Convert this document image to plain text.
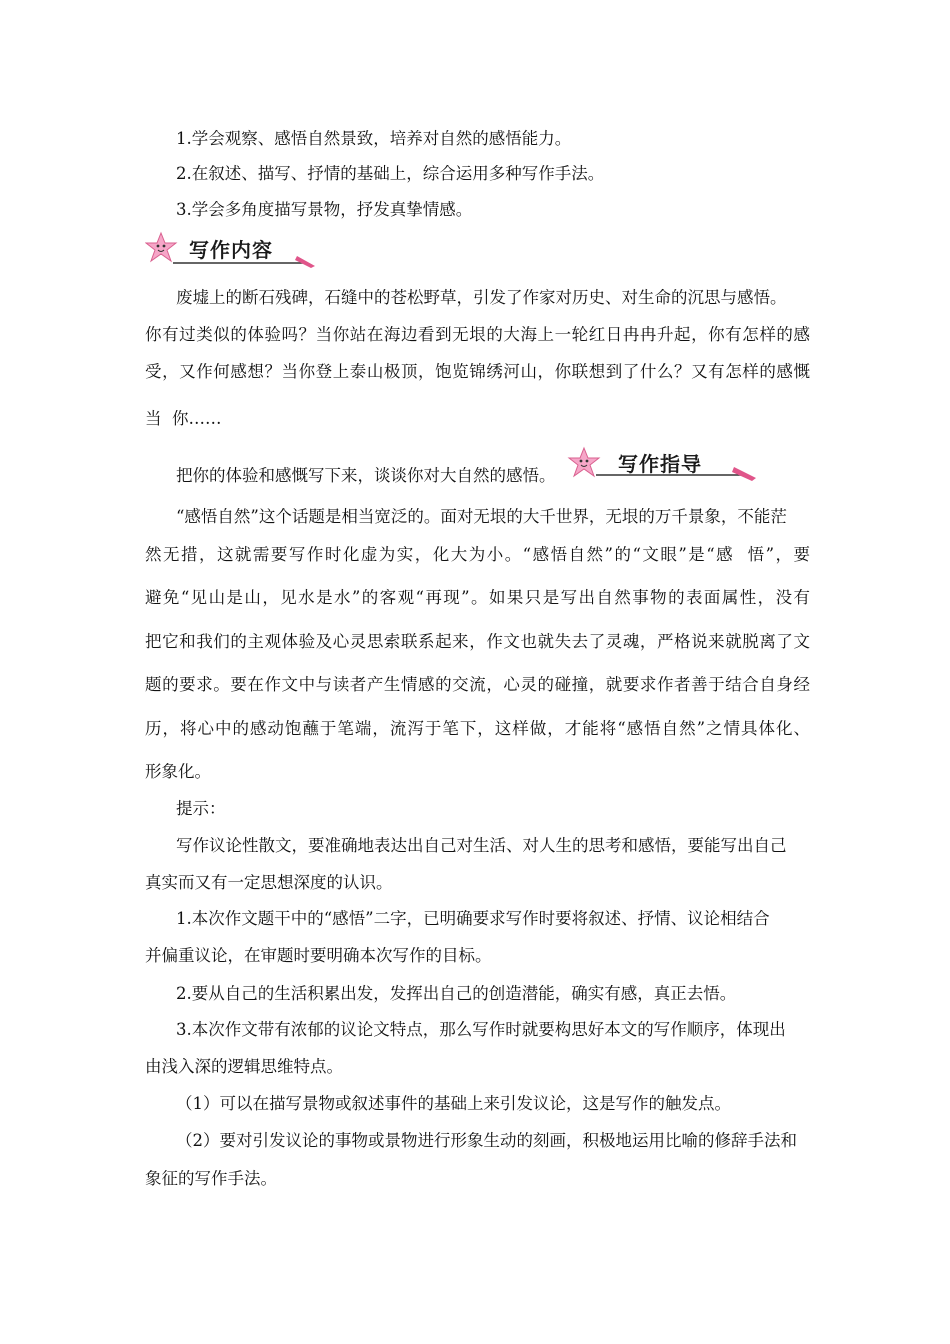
1.学会观察、感悟自然景致，培养对自然的感悟能力。
2.在叙述、描写、抒情的基础上，综合运用多种写作手法。
3.学会多角度描写景物，抒发真挚情感。
写作内容
废墟上的断石残碑，石缝中的苍松野草，引发了作家对历史、对生命的沉思与感悟。
你有过类似的体验吗？当你站在海边看到无垠的大海上一轮红日冉冉升起，你有怎样的感
受，又作何感想？当你登上泰山极顶，饱览锦绣河山，你联想到了什么？又有怎样的感慨
当  你……
把你的体验和感慨写下来，谈谈你对大自然的感悟。	写作指导
“感悟自然”这个话题是相当宽泛的。面对无垠的大千世界，无垠的万千景象，不能茫
然无措，这就需要写作时化虚为实，化大为小。“感悟自然”的“文眼”是“感  悟”，要
避免“见山是山，见水是水”的客观“再现”。如果只是写出自然事物的表面属性，没有
把它和我们的主观体验及心灵思索联系起来，作文也就失去了灵魂，严格说来就脱离了文
题的要求。要在作文中与读者产生情感的交流，心灵的碰撞，就要求作者善于结合自身经
历，将心中的感动饱蘸于笔端，流泻于笔下，这样做，才能将“感悟自然”之情具体化、
形象化。
提示：
写作议论性散文，要准确地表达出自己对生活、对人生的思考和感悟，要能写出自己
真实而又有一定思想深度的认识。
1.本次作文题干中的“感悟”二字，已明确要求写作时要将叙述、抒情、议论相结合
并偏重议论，在审题时要明确本次写作的目标。
2.要从自己的生活积累出发，发挥出自己的创造潜能，确实有感，真正去悟。
3.本次作文带有浓郁的议论文特点，那么写作时就要构思好本文的写作顺序，体现出
由浅入深的逻辑思维特点。
（1）可以在描写景物或叙述事件的基础上来引发议论，这是写作的触发点。
（2）要对引发议论的事物或景物进行形象生动的刻画，积极地运用比喻的修辞手法和
象征的写作手法。
